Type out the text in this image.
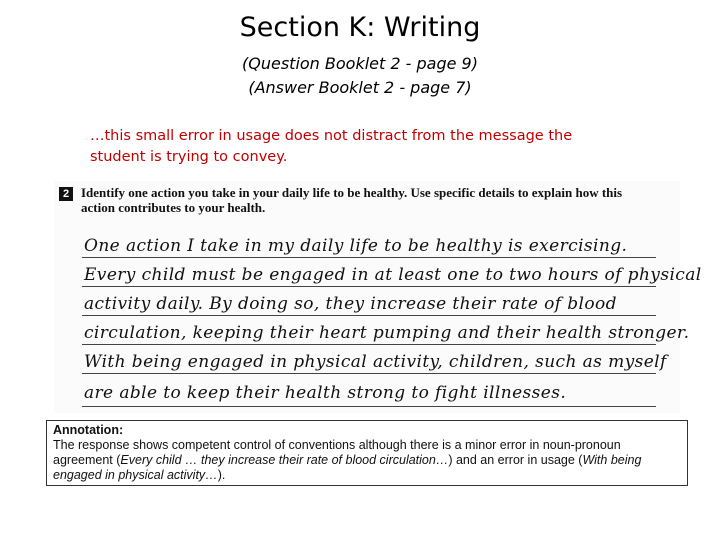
Section K: Writing
(Question Booklet 2 - page 9)
(Answer Booklet 2 - page 7)
…this small error in usage does not distract from the message the student is trying to convey.
2 Identify one action you take in your daily life to be healthy. Use specific details to explain how this action contributes to your health.
One action I take in my daily life to be healthy is exercising.
Every child must be engaged in at least one to two hours of physical
activity daily. By doing so, they increase their rate of blood
circulation, keeping their heart pumping and their health stronger.
With being engaged in physical activity, children, such as myself
are able to keep their health strong to fight illnesses.
Annotation:
The response shows competent control of conventions although there is a minor error in noun-pronoun agreement (Every child … they increase their rate of blood circulation…) and an error in usage (With being engaged in physical activity…).
